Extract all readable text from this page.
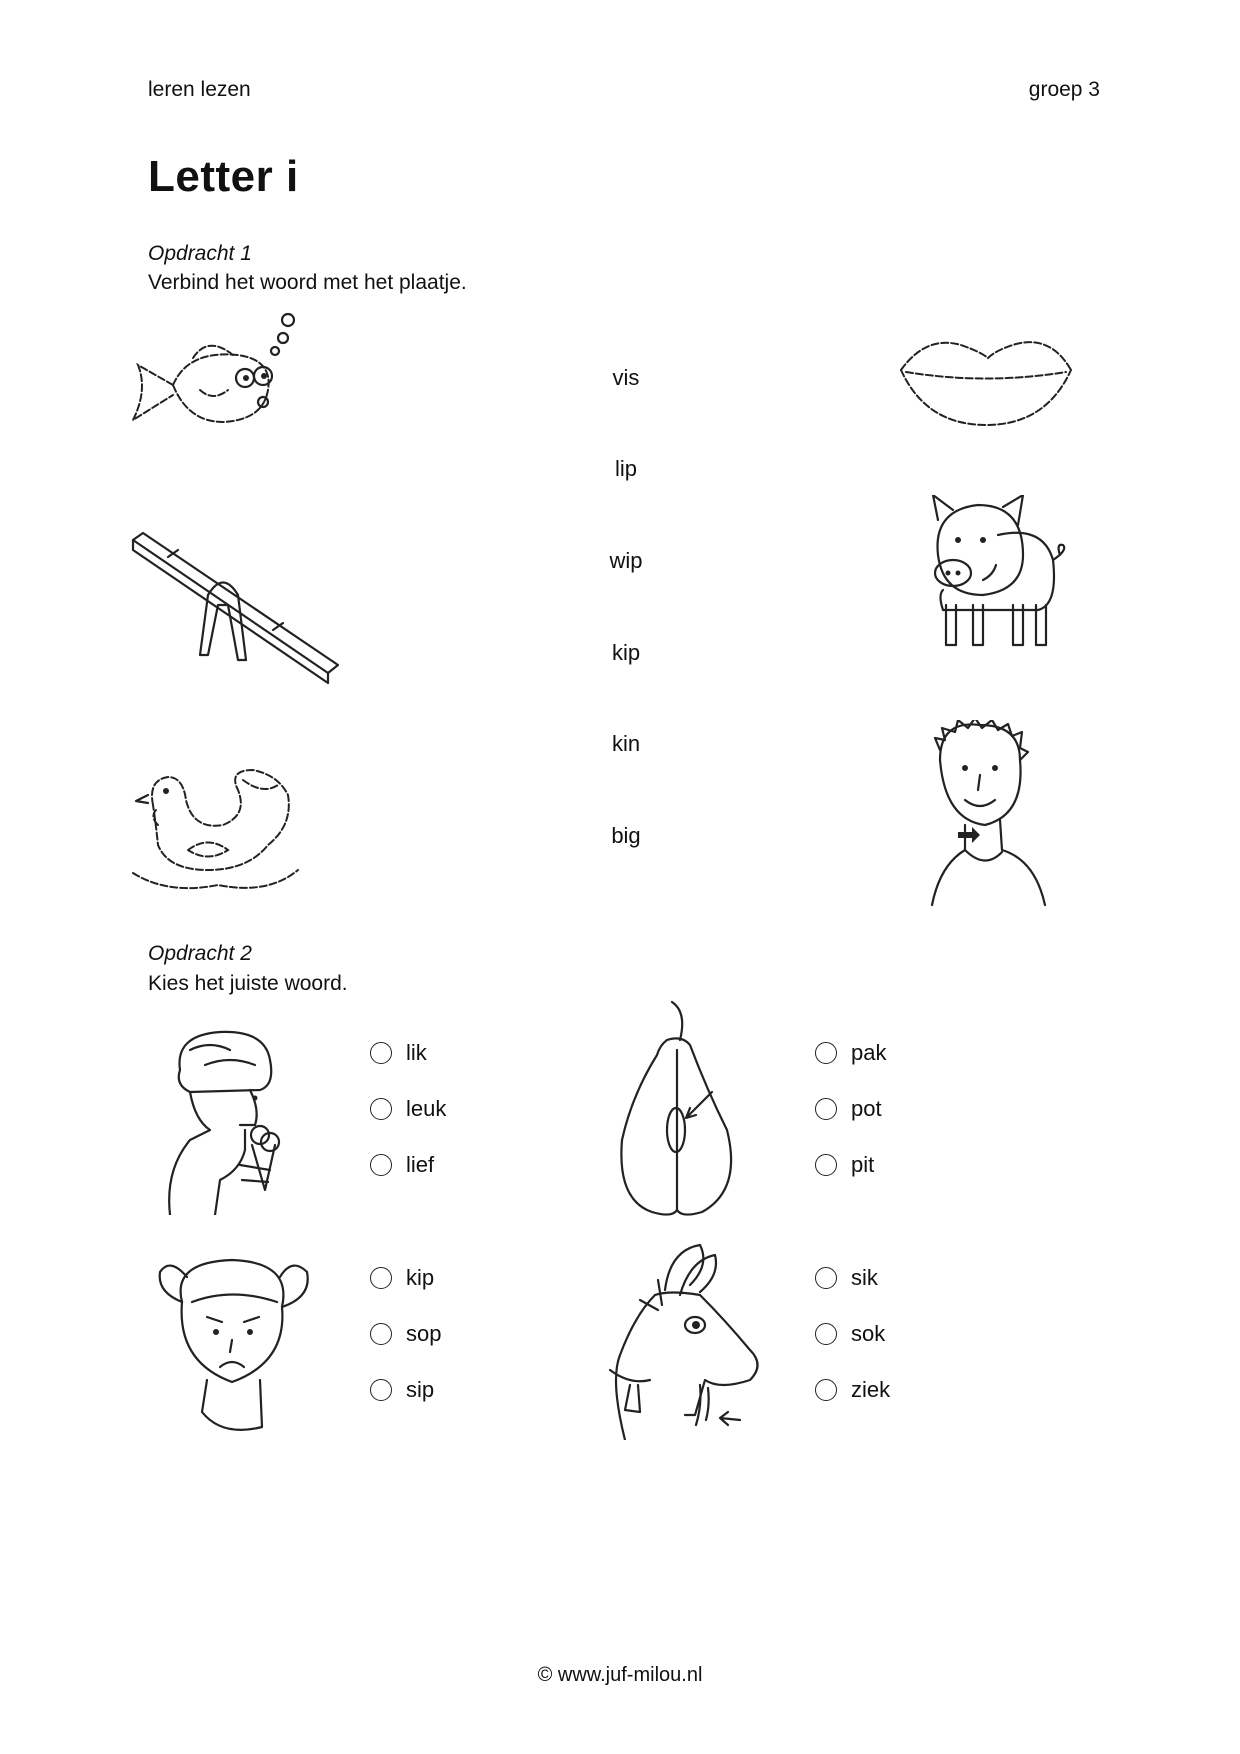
leren lezen	groep 3
Letter i
Opdracht 1
Verbind het woord met het plaatje.
vis
lip
wip
kip
kin
big
Opdracht 2
Kies het juiste woord.
lik
leuk
lief
pak
pot
pit
kip
sop
sip
sik
sok
ziek
© www.juf-milou.nl
